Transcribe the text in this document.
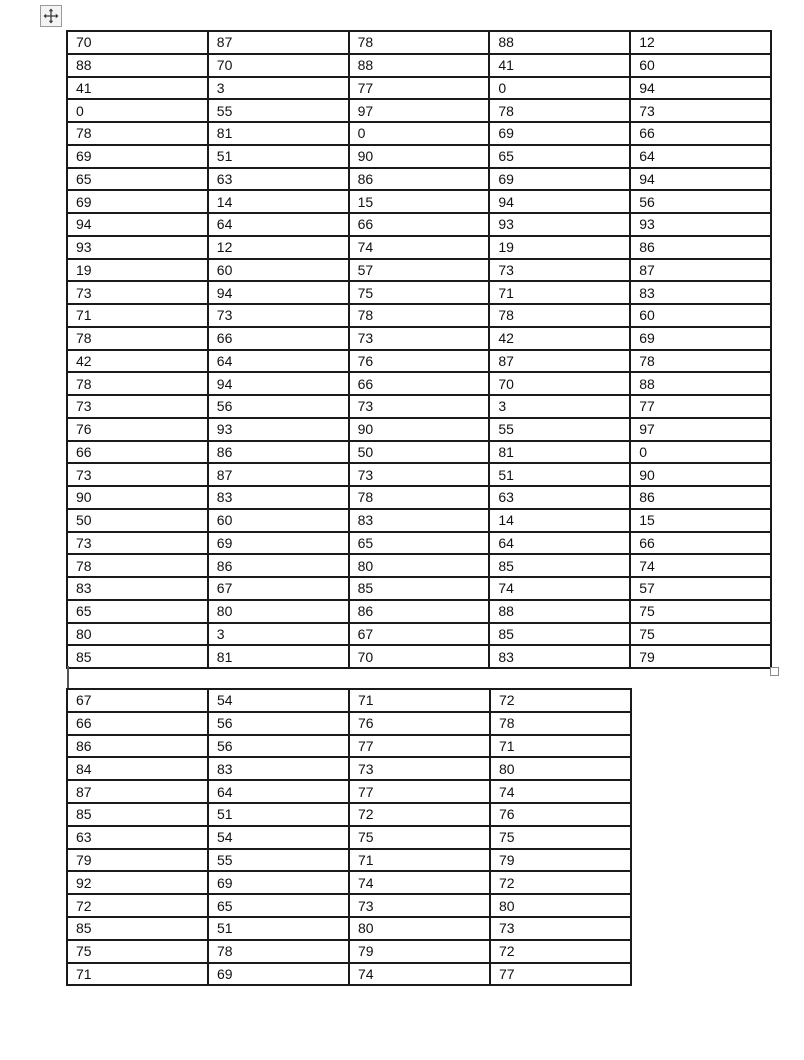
70	87	78	88	12
88	70	88	41	60
41	3	77	0	94
0	55	97	78	73
78	81	0	69	66
69	51	90	65	64
65	63	86	69	94
69	14	15	94	56
94	64	66	93	93
93	12	74	19	86
19	60	57	73	87
73	94	75	71	83
71	73	78	78	60
78	66	73	42	69
42	64	76	87	78
78	94	66	70	88
73	56	73	3	77
76	93	90	55	97
66	86	50	81	0
73	87	73	51	90
90	83	78	63	86
50	60	83	14	15
73	69	65	64	66
78	86	80	85	74
83	67	85	74	57
65	80	86	88	75
80	3	67	85	75
85	81	70	83	79
67	54	71	72
66	56	76	78
86	56	77	71
84	83	73	80
87	64	77	74
85	51	72	76
63	54	75	75
79	55	71	79
92	69	74	72
72	65	73	80
85	51	80	73
75	78	79	72
71	69	74	77
